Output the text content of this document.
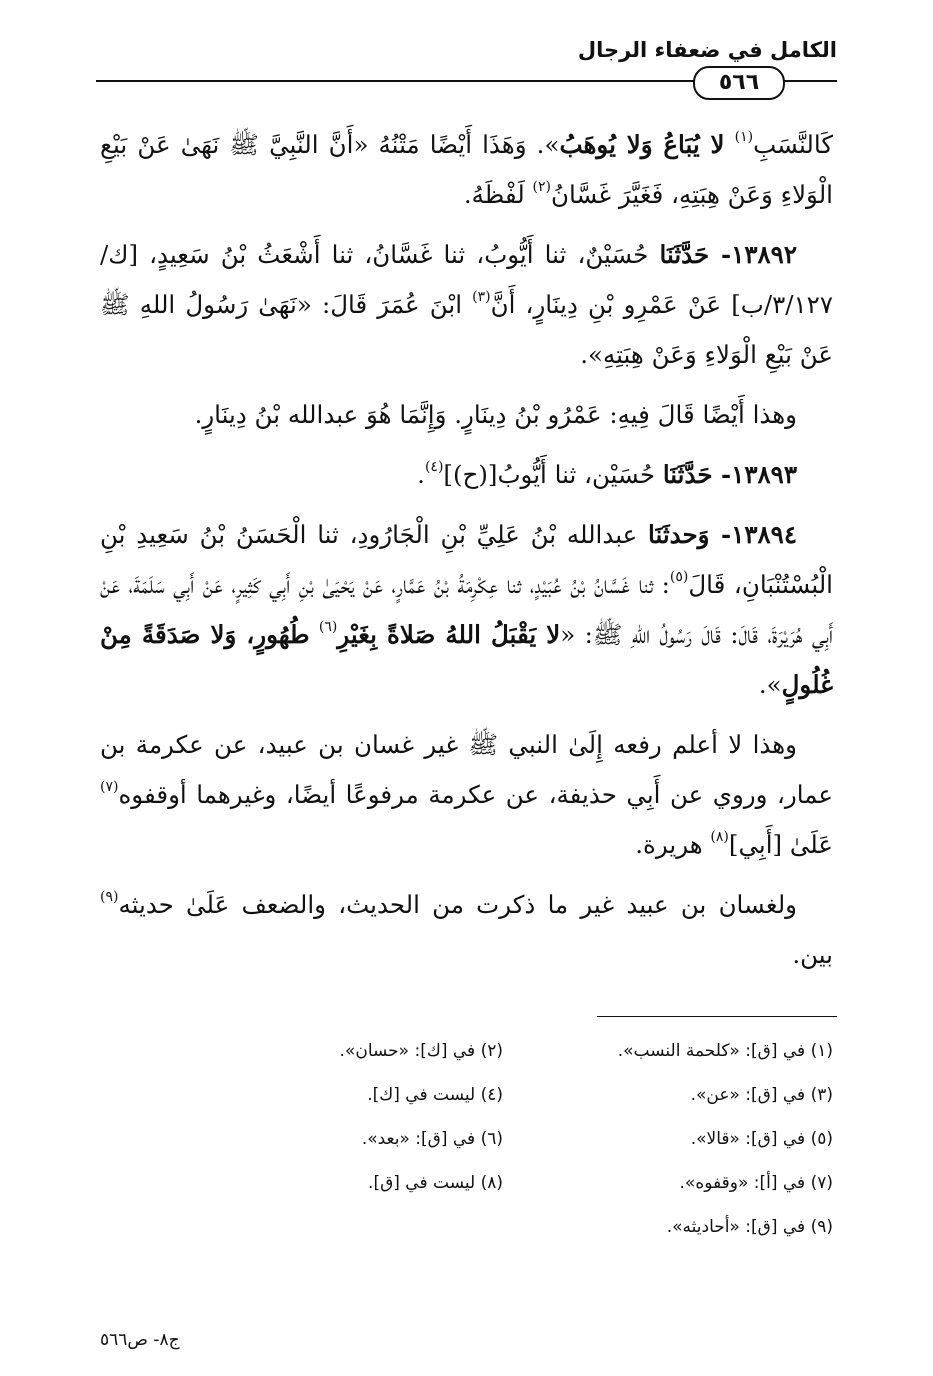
الكامل في ضعفاء الرجال
٥٦٦

كَالنَّسَبِ$^{(١)}$ لا يُبَاعُ وَلا يُوهَبُ». وَهَذَا أَيْضًا مَتْنُهُ «أَنَّ النَّبِيَّ ﷺ نَهَىٰ عَنْ بَيْعِ الْوَلاءِ وَعَنْ هِبَتِهِ، فَغَيَّرَ غَسَّانُ$^{(٢)}$ لَفْظَهُ.

١٣٨٩٢- حَدَّثَنَا حُسَيْنٌ، ثنا أَيُّوبُ، ثنا غَسَّانُ، ثنا أَشْعَثُ بْنُ سَعِيدٍ، [ك/٣/١٢٧/ب] عَنْ عَمْرِو بْنِ دِينَارٍ، أَنَّ$^{(٣)}$ ابْنَ عُمَرَ قَالَ: «نَهَىٰ رَسُولُ اللهِ ﷺ عَنْ بَيْعِ الْوَلاءِ وَعَنْ هِبَتِهِ».

وهذا أَيْضًا قَالَ فِيهِ: عَمْرُو بْنُ دِينَارٍ. وَإِنَّمَا هُوَ عبدالله بْنُ دِينَارٍ.

١٣٨٩٣- حَدَّثَنَا حُسَيْن، ثنا أَيُّوبُ[(ح)]$^{(٤)}$.

١٣٨٩٤- وَحدثَنَا عبدالله بْنُ عَلِيِّ بْنِ الْجَارُودِ، ثنا الْحَسَنُ بْنُ سَعِيدِ بْنِ الْبُسْتُنْبَانِ، قَالَ$^{(٥)}$: ثنا غَسَّانُ بْنُ عُبَيْدٍ، ثنا عِكْرِمَةُ بْنُ عَمَّارٍ، عَنْ يَحْيَىٰ بْنِ أَبِي كَثِيرٍ، عَنْ أَبِي سَلَمَةَ، عَنْ أَبِي هُرَيْرَةَ، قَالَ: قَالَ رَسُولُ اللهِ ﷺ: «لا يَقْبَلُ اللهُ صَلاةً بِغَيْرِ$^{(٦)}$ طُهُورٍ، وَلا صَدَقَةً مِنْ غُلُولٍ».

وهذا لا أعلم رفعه إِلَىٰ النبي ﷺ غير غسان بن عبيد، عن عكرمة بن عمار، وروي عن أَبِي حذيفة، عن عكرمة مرفوعًا أيضًا، وغيرهما أوقفوه$^{(٧)}$ عَلَىٰ [أَبِي]$^{(٨)}$ هريرة.

ولغسان بن عبيد غير ما ذكرت من الحديث، والضعف عَلَىٰ حديثه$^{(٩)}$ بين.

(١) في [ق]: «كلحمة النسب».
(٢) في [ك]: «حسان».
(٣) في [ق]: «عن».
(٤) ليست في [ك].
(٥) في [ق]: «قالا».
(٦) في [ق]: «بعد».
(٧) في [أ]: «وقفوه».
(٨) ليست في [ق].
(٩) في [ق]: «أحاديثه».
ج٨- ص٥٦٦
